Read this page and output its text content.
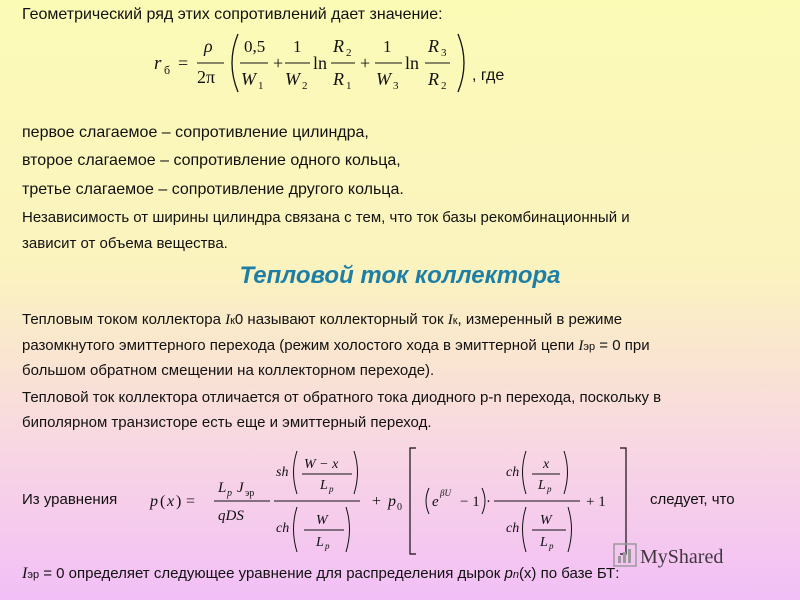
Геометрический ряд этих сопротивлений дает значение:
r б =
ρ
2π
0,5
W 1
+
1
W 2
ln
R 2
R 1
+
1
W 3
ln
R 3
R 2
, где
первое слагаемое – сопротивление цилиндра,
второе слагаемое – сопротивление одного кольца,
третье слагаемое – сопротивление другого кольца.
Независимость от ширины цилиндра связана с тем, что ток базы рекомбинационный и
зависит от объема вещества.
Тепловой ток коллектора
Тепловым током коллектора Iк0 называют коллекторный ток Iк, измеренный в режиме
разомкнутого эмиттерного перехода (режим холостого хода в эмиттерной цепи Iэр = 0 при
большом обратном смещении на коллекторном переходе).
Тепловой ток коллектора отличается от обратного тока диодного p-n перехода, поскольку в
биполярном транзисторе есть еще и эмиттерный переход.
Из уравнения	следует, что
p ( x ) =
L p J эр
qDS
sh
W − x
L p
ch
W
L p
+ p 0 e
βU
− 1 ·
ch
x
L p
ch
W
L p
+ 1
MyShared
Iэр = 0 определяет следующее уравнение для распределения дырок pn(x) по базе БТ:
